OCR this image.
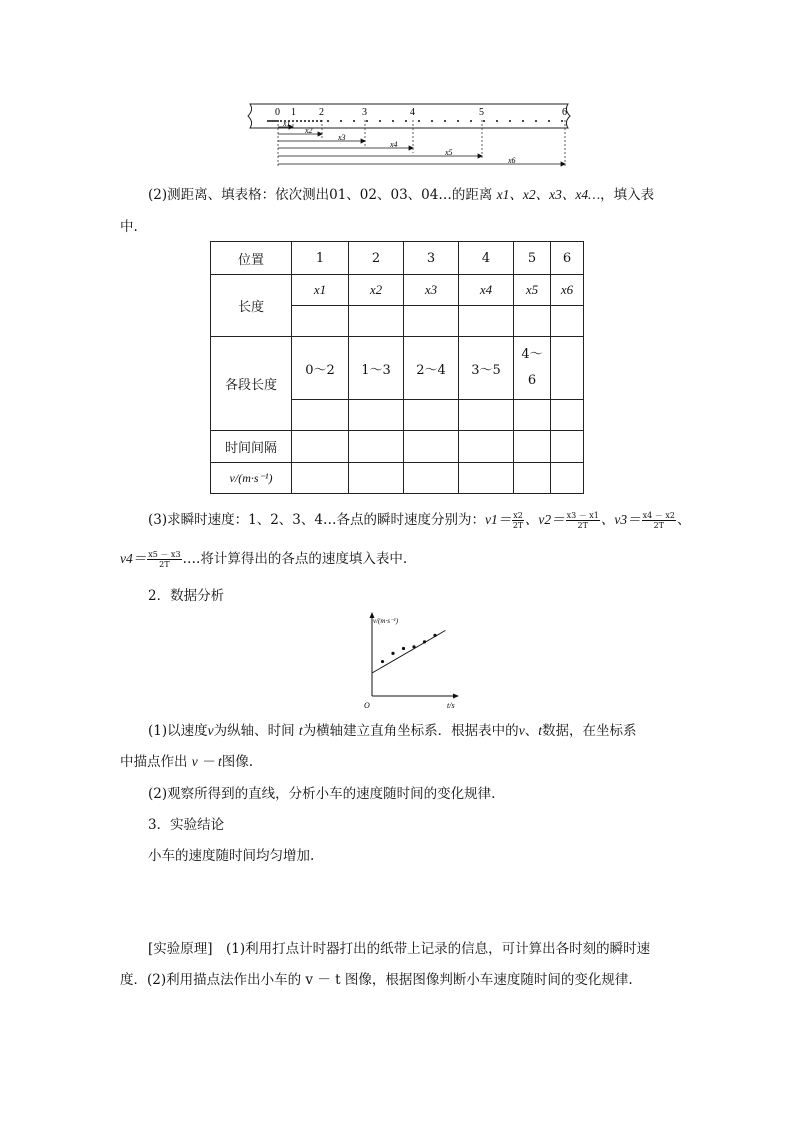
0 1 2	3	4	5	6
x1
x2
x3
x4
x5
x6
(2)测距离、填表格：依次测出01、02、03、04…的距离 x1、x2、x3、x4…，填入表
中.
位置	1	2	3	4	5	6
长度	x1	x2	x3	x4	x5	x6

各段长度	0～2	1～3	2～4	3～5	4～
6	

时间间隔						
v/(m·s⁻¹)						
(3)求瞬时速度：1、2、3、4…各点的瞬时速度分别为：$v1= \frac{x2}{2T}$ 、$v2= \frac{x3 - x1}{2T}$ 、$v3= \frac{x4 - x2}{2T}$ 、
$v4= \frac{x5 - x3}{2T}$ ….将计算得出的各点的速度填入表中.
2．数据分析
v/(m·s⁻¹)
O	t/s
(1)以速度v为纵轴、时间 t为横轴建立直角坐标系．根据表中的v、t数据，在坐标系
中描点作出 v － t图像.
(2)观察所得到的直线，分析小车的速度随时间的变化规律.
3．实验结论
小车的速度随时间均匀增加.
[实验原理]　(1)利用打点计时器打出的纸带上记录的信息，可计算出各时刻的瞬时速
度．(2)利用描点法作出小车的 v － t 图像，根据图像判断小车速度随时间的变化规律.
